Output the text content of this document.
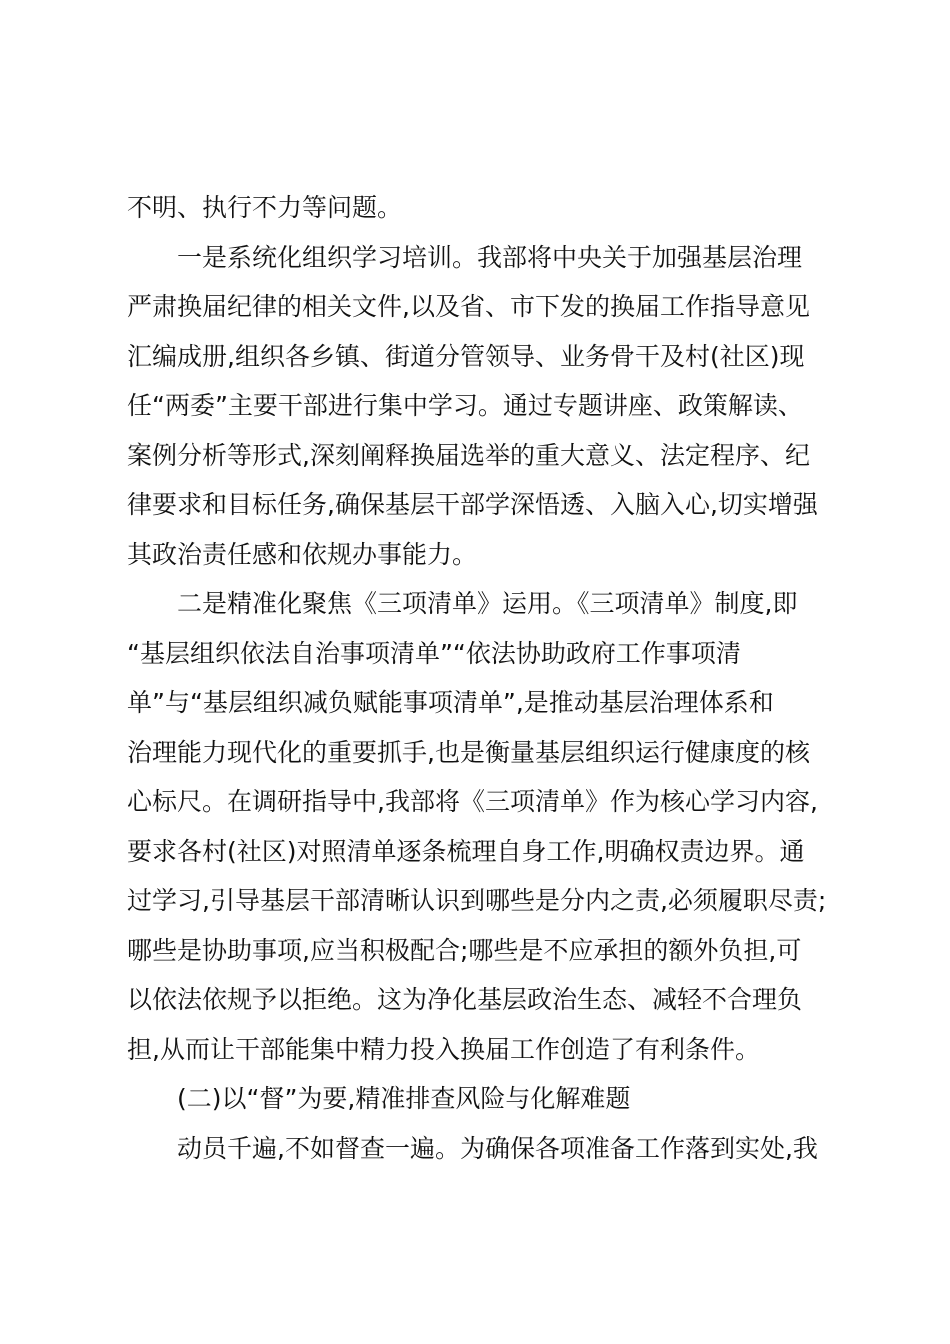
不明、执行不力等问题。
一是系统化组织学习培训。我部将中央关于加强基层治理
严肃换届纪律的相关文件,以及省、市下发的换届工作指导意见
汇编成册,组织各乡镇、街道分管领导、业务骨干及村(社区)现
任“两委”主要干部进行集中学习。通过专题讲座、政策解读、
案例分析等形式,深刻阐释换届选举的重大意义、法定程序、纪
律要求和目标任务,确保基层干部学深悟透、入脑入心,切实增强
其政治责任感和依规办事能力。
二是精准化聚焦《三项清单》运用。《三项清单》制度,即
“基层组织依法自治事项清单”“依法协助政府工作事项清
单”与“基层组织减负赋能事项清单”,是推动基层治理体系和
治理能力现代化的重要抓手,也是衡量基层组织运行健康度的核
心标尺。在调研指导中,我部将《三项清单》作为核心学习内容,
要求各村(社区)对照清单逐条梳理自身工作,明确权责边界。通
过学习,引导基层干部清晰认识到哪些是分内之责,必须履职尽责;
哪些是协助事项,应当积极配合;哪些是不应承担的额外负担,可
以依法依规予以拒绝。这为净化基层政治生态、减轻不合理负
担,从而让干部能集中精力投入换届工作创造了有利条件。
(二)以“督”为要,精准排查风险与化解难题
动员千遍,不如督查一遍。为确保各项准备工作落到实处,我
